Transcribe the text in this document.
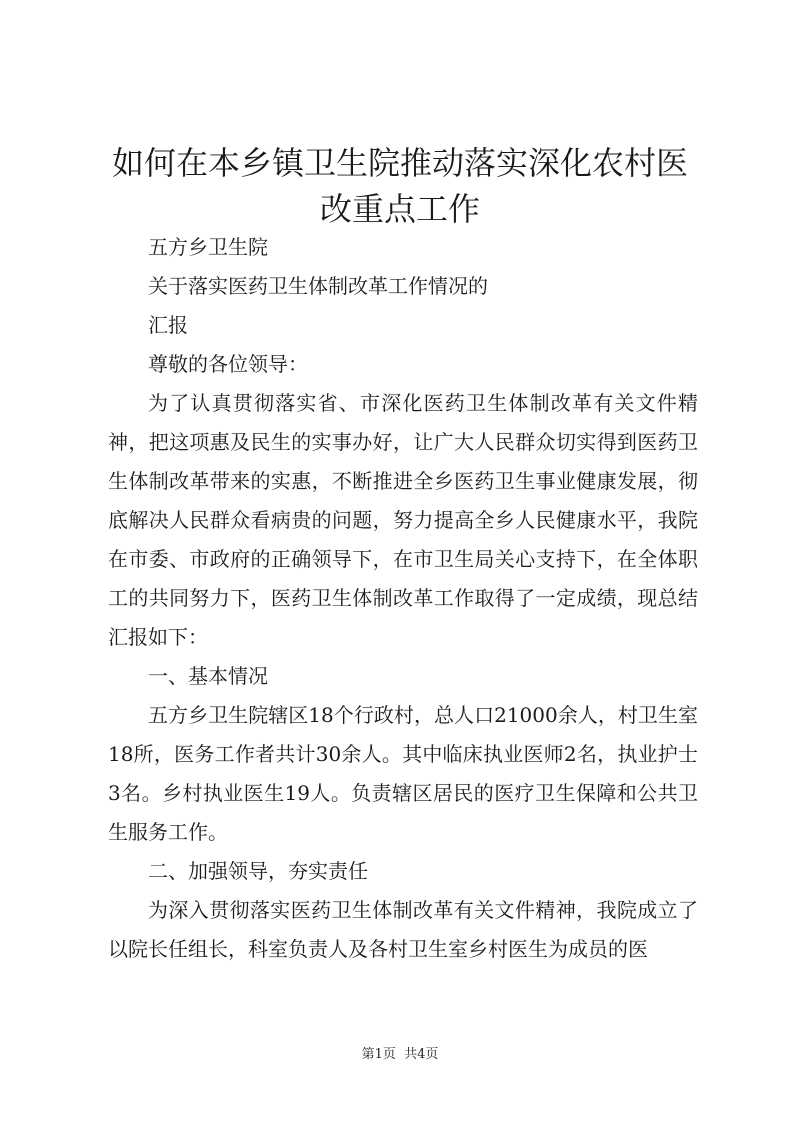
如何在本乡镇卫生院推动落实深化农村医改重点工作

五方乡卫生院

关于落实医药卫生体制改革工作情况的

汇报

尊敬的各位领导：

为了认真贯彻落实省、市深化医药卫生体制改革有关文件精神，把这项惠及民生的实事办好，让广大人民群众切实得到医药卫生体制改革带来的实惠，不断推进全乡医药卫生事业健康发展，彻底解决人民群众看病贵的问题，努力提高全乡人民健康水平，我院在市委、市政府的正确领导下，在市卫生局关心支持下，在全体职工的共同努力下，医药卫生体制改革工作取得了一定成绩，现总结汇报如下：

一、基本情况

五方乡卫生院辖区18个行政村，总人口21000余人，村卫生室18所，医务工作者共计30余人。其中临床执业医师2名，执业护士3名。乡村执业医生19人。负责辖区居民的医疗卫生保障和公共卫生服务工作。

二、加强领导，夯实责任

为深入贯彻落实医药卫生体制改革有关文件精神，我院成立了以院长任组长，科室负责人及各村卫生室乡村医生为成员的医

第1页  共4页
